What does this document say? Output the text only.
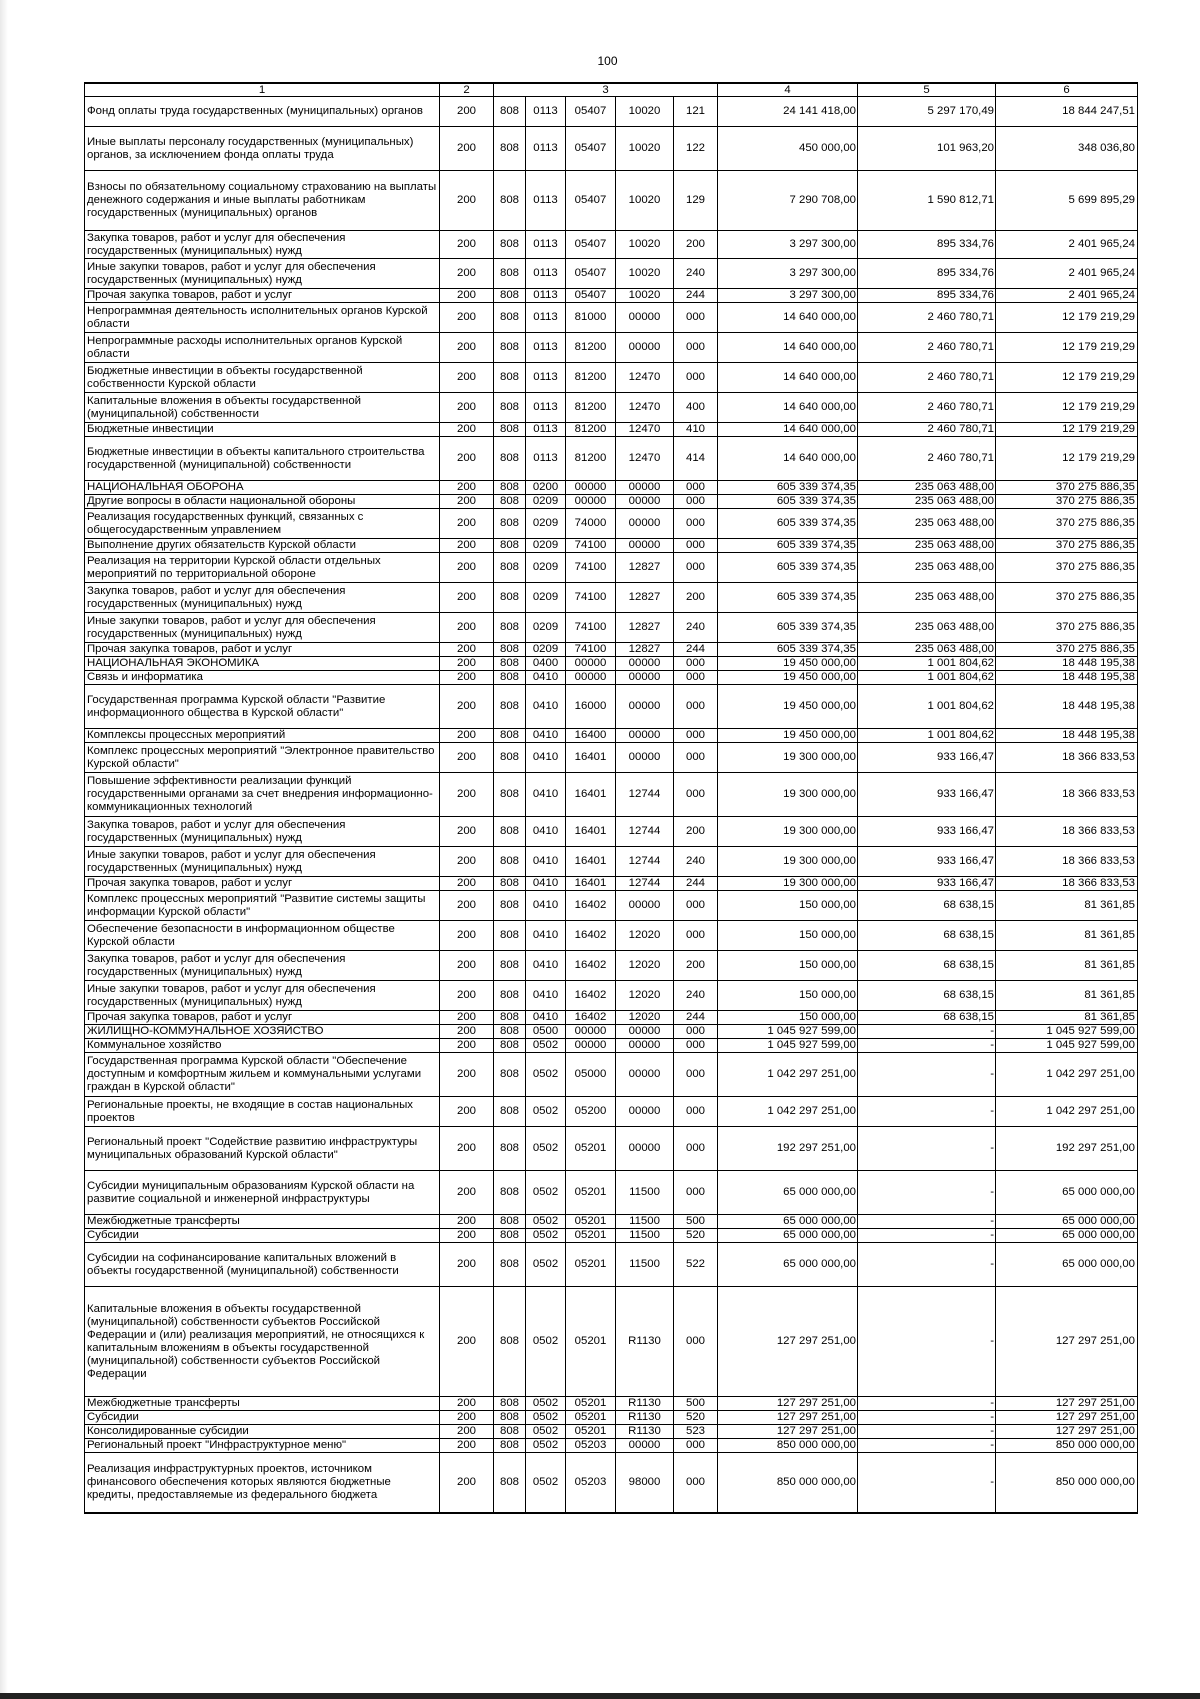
100
1	2	3					4	5	6
Фонд оплаты труда государственных (муниципальных) органов	200	808	0113	05407	10020	121	24 141 418,00	5 297 170,49	18 844 247,51
Иные выплаты персоналу государственных (муниципальных) органов, за исключением фонда оплаты труда	200	808	0113	05407	10020	122	450 000,00	101 963,20	348 036,80
Взносы по обязательному социальному страхованию на выплаты денежного содержания и иные выплаты работникам государственных (муниципальных) органов	200	808	0113	05407	10020	129	7 290 708,00	1 590 812,71	5 699 895,29
Закупка товаров, работ и услуг для обеспечения государственных (муниципальных) нужд	200	808	0113	05407	10020	200	3 297 300,00	895 334,76	2 401 965,24
Иные закупки товаров, работ и услуг для обеспечения государственных (муниципальных) нужд	200	808	0113	05407	10020	240	3 297 300,00	895 334,76	2 401 965,24
Прочая закупка товаров, работ и услуг	200	808	0113	05407	10020	244	3 297 300,00	895 334,76	2 401 965,24
Непрограммная деятельность исполнительных органов Курской области	200	808	0113	81000	00000	000	14 640 000,00	2 460 780,71	12 179 219,29
Непрограммные расходы исполнительных органов Курской области	200	808	0113	81200	00000	000	14 640 000,00	2 460 780,71	12 179 219,29
Бюджетные инвестиции в объекты государственной собственности Курской области	200	808	0113	81200	12470	000	14 640 000,00	2 460 780,71	12 179 219,29
Капитальные вложения в объекты государственной (муниципальной) собственности	200	808	0113	81200	12470	400	14 640 000,00	2 460 780,71	12 179 219,29
Бюджетные инвестиции	200	808	0113	81200	12470	410	14 640 000,00	2 460 780,71	12 179 219,29
Бюджетные инвестиции в объекты капитального строительства государственной (муниципальной) собственности	200	808	0113	81200	12470	414	14 640 000,00	2 460 780,71	12 179 219,29
НАЦИОНАЛЬНАЯ ОБОРОНА	200	808	0200	00000	00000	000	605 339 374,35	235 063 488,00	370 275 886,35
Другие вопросы в области национальной обороны	200	808	0209	00000	00000	000	605 339 374,35	235 063 488,00	370 275 886,35
Реализация государственных функций, связанных с общегосударственным управлением	200	808	0209	74000	00000	000	605 339 374,35	235 063 488,00	370 275 886,35
Выполнение других обязательств Курской области	200	808	0209	74100	00000	000	605 339 374,35	235 063 488,00	370 275 886,35
Реализация на территории Курской области отдельных мероприятий по территориальной обороне	200	808	0209	74100	12827	000	605 339 374,35	235 063 488,00	370 275 886,35
Закупка товаров, работ и услуг для обеспечения государственных (муниципальных) нужд	200	808	0209	74100	12827	200	605 339 374,35	235 063 488,00	370 275 886,35
Иные закупки товаров, работ и услуг для обеспечения государственных (муниципальных) нужд	200	808	0209	74100	12827	240	605 339 374,35	235 063 488,00	370 275 886,35
Прочая закупка товаров, работ и услуг	200	808	0209	74100	12827	244	605 339 374,35	235 063 488,00	370 275 886,35
НАЦИОНАЛЬНАЯ ЭКОНОМИКА	200	808	0400	00000	00000	000	19 450 000,00	1 001 804,62	18 448 195,38
Связь и информатика	200	808	0410	00000	00000	000	19 450 000,00	1 001 804,62	18 448 195,38
Государственная программа Курской области "Развитие информационного общества в Курской области"	200	808	0410	16000	00000	000	19 450 000,00	1 001 804,62	18 448 195,38
Комплексы процессных мероприятий	200	808	0410	16400	00000	000	19 450 000,00	1 001 804,62	18 448 195,38
Комплекс процессных мероприятий "Электронное правительство Курской области"	200	808	0410	16401	00000	000	19 300 000,00	933 166,47	18 366 833,53
Повышение эффективности реализации функций государственными органами за счет внедрения информационно-коммуникационных технологий	200	808	0410	16401	12744	000	19 300 000,00	933 166,47	18 366 833,53
Закупка товаров, работ и услуг для обеспечения государственных (муниципальных) нужд	200	808	0410	16401	12744	200	19 300 000,00	933 166,47	18 366 833,53
Иные закупки товаров, работ и услуг для обеспечения государственных (муниципальных) нужд	200	808	0410	16401	12744	240	19 300 000,00	933 166,47	18 366 833,53
Прочая закупка товаров, работ и услуг	200	808	0410	16401	12744	244	19 300 000,00	933 166,47	18 366 833,53
Комплекс процессных мероприятий "Развитие системы защиты информации Курской области"	200	808	0410	16402	00000	000	150 000,00	68 638,15	81 361,85
Обеспечение безопасности в информационном обществе Курской области	200	808	0410	16402	12020	000	150 000,00	68 638,15	81 361,85
Закупка товаров, работ и услуг для обеспечения государственных (муниципальных) нужд	200	808	0410	16402	12020	200	150 000,00	68 638,15	81 361,85
Иные закупки товаров, работ и услуг для обеспечения государственных (муниципальных) нужд	200	808	0410	16402	12020	240	150 000,00	68 638,15	81 361,85
Прочая закупка товаров, работ и услуг	200	808	0410	16402	12020	244	150 000,00	68 638,15	81 361,85
ЖИЛИЩНО-КОММУНАЛЬНОЕ ХОЗЯЙСТВО	200	808	0500	00000	00000	000	1 045 927 599,00	-	1 045 927 599,00
Коммунальное хозяйство	200	808	0502	00000	00000	000	1 045 927 599,00	-	1 045 927 599,00
Государственная программа Курской области "Обеспечение доступным и комфортным жильем и коммунальными услугами граждан в Курской области"	200	808	0502	05000	00000	000	1 042 297 251,00	-	1 042 297 251,00
Региональные проекты, не входящие в состав национальных проектов	200	808	0502	05200	00000	000	1 042 297 251,00	-	1 042 297 251,00
Региональный проект "Содействие развитию инфраструктуры муниципальных образований Курской области"	200	808	0502	05201	00000	000	192 297 251,00	-	192 297 251,00
Субсидии муниципальным образованиям Курской области на развитие социальной и инженерной инфраструктуры	200	808	0502	05201	11500	000	65 000 000,00	-	65 000 000,00
Межбюджетные трансферты	200	808	0502	05201	11500	500	65 000 000,00	-	65 000 000,00
Субсидии	200	808	0502	05201	11500	520	65 000 000,00	-	65 000 000,00
Субсидии на софинансирование капитальных вложений в объекты государственной (муниципальной) собственности	200	808	0502	05201	11500	522	65 000 000,00	-	65 000 000,00
Капитальные вложения в объекты государственной (муниципальной) собственности субъектов Российской Федерации и (или) реализация мероприятий, не относящихся к капитальным вложениям в объекты государственной (муниципальной) собственности субъектов Российской Федерации	200	808	0502	05201	R1130	000	127 297 251,00	-	127 297 251,00
Межбюджетные трансферты	200	808	0502	05201	R1130	500	127 297 251,00	-	127 297 251,00
Субсидии	200	808	0502	05201	R1130	520	127 297 251,00	-	127 297 251,00
Консолидированные субсидии	200	808	0502	05201	R1130	523	127 297 251,00	-	127 297 251,00
Региональный проект "Инфраструктурное меню"	200	808	0502	05203	00000	000	850 000 000,00	-	850 000 000,00
Реализация инфраструктурных проектов, источником финансового обеспечения которых являются бюджетные кредиты, предоставляемые из федерального бюджета	200	808	0502	05203	98000	000	850 000 000,00	-	850 000 000,00
